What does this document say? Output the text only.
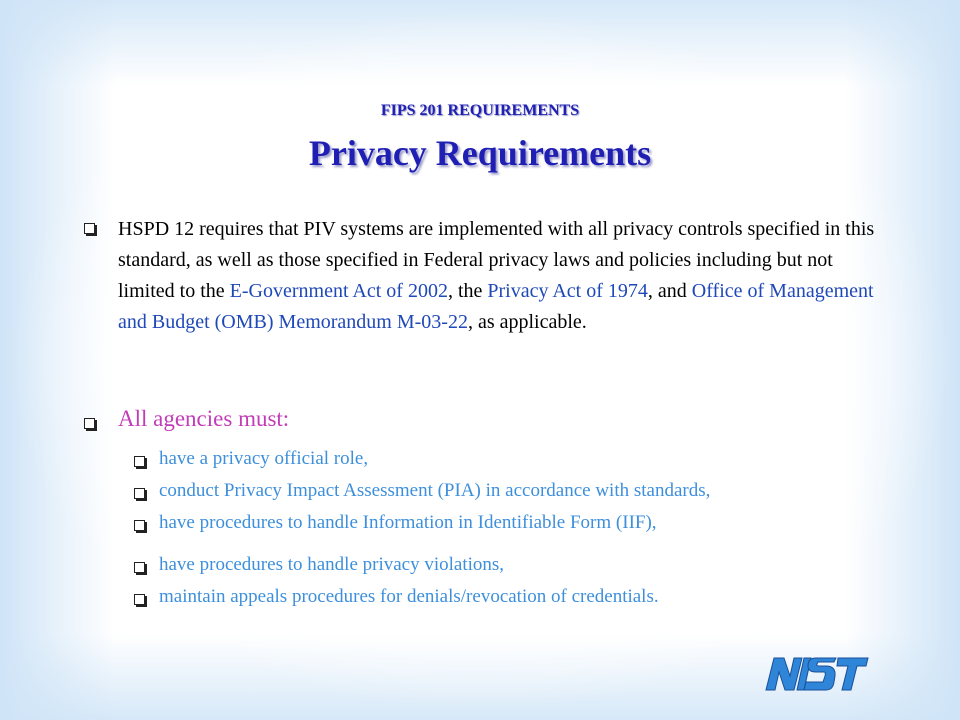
FIPS 201 REQUIREMENTS
Privacy Requirements
HSPD 12 requires that PIV systems are implemented with all privacy controls specified in this standard, as well as those specified in Federal privacy laws and policies including but not limited to the E-Government Act of 2002, the Privacy Act of 1974, and Office of Management and Budget (OMB) Memorandum M-03-22, as applicable.
All agencies must:
have a privacy official role,
conduct Privacy Impact Assessment (PIA) in accordance with standards,
have procedures to handle Information in Identifiable Form (IIF),
have procedures to handle privacy violations,
maintain appeals procedures for denials/revocation of credentials.
